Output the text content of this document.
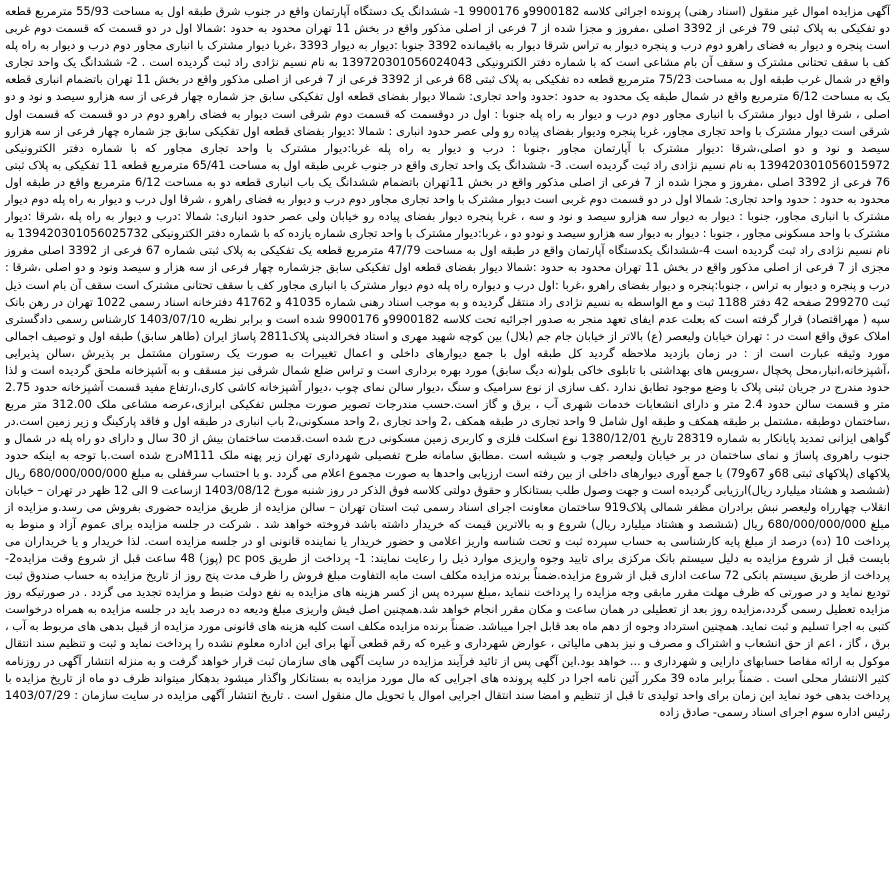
آگهی مزایده اموال غیر منقول (اسناد رهنی) پرونده اجرائی کلاسه 9900182و 9900176 1- ششدانگ یک دستگاه آپارتمان واقع در جنوب شرق طبقه اول به مساحت 55/93 مترمربع قطعه دو تفکیکی به پلاک ثبتی 79 فرعی از 3392 اصلی ،مفروز و مجزا شده از 7 فرعی از اصلی مذکور واقع در بخش 11 تهران محدود به حدود :شمالا اول در دو قسمت که قسمت دوم غربی است پنجره و دیوار به فضای راهرو دوم درب و پنجره دیوار به تراس شرقا دیوار به باقیمانده 3392 جنوبا :دیوار به دیوار 3393 ،غربا دیوار مشترک با انباری مجاور دوم درب و دیوار به راه پله کف با سقف تحتانی مشترک و سقف آن بام مشاعی است که با شماره دفتر الکترونیکی 139720301056024043 به نام نسیم نژادی راد ثبت گردیده است . 2- ششدانگ یک واحد تجاری واقع در شمال غرب طبقه اول به مساحت 75/23 مترمربع قطعه ده تفکیکی به پلاک ثبتی 68 فرعی از 3392 فرعی از 7 فرعی از اصلی مذکور واقع در بخش 11 تهران باتضمام انباری قطعه یک به مساحت 6/12 مترمربع واقع در شمال طبقه یک محدود به حدود :حدود واحد تجاری: شمالا دیوار بفضای قطعه اول تفکیکی سابق جز شماره چهار فرعی از سه هزارو سیصد و نود و دو اصلی ، شرقا اول دیوار مشترک با انباری مجاور دوم درب و دیوار به راه پله جنوبا : اول در دوقسمت که قسمت دوم شرقی است دیوار به فضای راهرو دوم در دو قسمت که قسمت اول شرقی است دیوار مشترک با واحد تجاری مجاور، غربا پنجره ودیوار بفضای پیاده رو ولی عصر حدود انباری : شمالا :دیوار بفضای قطعه اول تفکیکی سابق جز شماره چهار فرعی از سه هزارو سیصد و نود و دو اصلی،شرقا :دیوار مشترک با آپارتمان مجاور ،جنوبا : درب و دیوار به راه پله غربا:دیوار مشترک با واحد تجاری مجاور که با شماره دفتر الکترونیکی 139420301056015972 به نام نسیم نژادی راد ثبت گردیده است. 3- ششدانگ یک واحد تجاری واقع در جنوب غربی طبقه اول به مساحت 65/41 مترمربع قطعه 11 تفکیکی به پلاک ثبتی 76 فرعی از 3392 اصلی ،مفروز و مجزا شده از 7 فرعی از اصلی مذکور واقع در بخش 11تهران باتضمام ششدانگ یک باب انباری قطعه دو به مساحت 6/12 مترمربع واقع در طبقه اول محدود به حدود : حدود واحد تجاری: شمالا اول در دو قسمت دوم غربی است دیوار مشترک با واحد تجاری مجاور دوم درب و دیوار به فضای راهرو ، شرقا اول درب و دیوار به راه پله دوم دیوار مشترک با انباری مجاور، جنوبا : دیوار به دیوار سه هزارو سیصد و نود و سه ، غربا پنجره دیوار بفضای پیاده رو خیابان ولی عصر حدود انباری: شمالا :درب و دیوار به راه پله ،شرقا :دیوار مشترک با واحد مسکونی مجاور ، جنوبا : دیوار به دیوار سه هزارو سیصد و نودو دو ، غربا:دیوار مشترک با واحد تجاری شماره یازده که با شماره دفتر الکترونیکی 139420301056025732 به نام نسیم نژادی راد ثبت گردیده است 4-ششدانگ یکدستگاه آپارتمان واقع در طبقه اول به مساحت 47/79 مترمربع قطعه یک تفکیکی به پلاک ثبتی شماره 67 فرعی از 3392 اصلی مفروز مجزی از 7 فرعی از اصلی مذکور واقع در بخش 11 تهران محدود به حدود :شمالا دیوار بفضای قطعه اول تفکیکی سابق جزشماره چهار فرعی از سه هزار و سیصد ونود و دو اصلی ،شرقا : درب و پنجره و دیوار به تراس ، جنوبا:پنجره و دیوار بفضای راهرو ،غربا :اول درب و دیواره راه پله دوم دیوار مشترک با انباری مجاور کف با سقف تحتانی مشترک است سقف آن بام است ذیل ثبت 299270 صفحه 42 دفتر 1188 ثبت و مع الواسطه به نسیم نژادی راد منتقل گردیده و به موجب اسناد رهنی شماره 41035 و 41762 دفترخانه اسناد رسمی 1022 تهران در رهن بانک سپه ( مهراقتصاد) قرار گرفته است که بعلت عدم ایفای تعهد منجر به صدور اجرائیه تحت کلاسه 9900182و 9900176 شده است و برابر نظریه 1403/07/10 کارشناس رسمی دادگستری املاک عوق واقع است در : تهران خیابان ولیعصر (ع) بالاتر از خیابان جام جم (بلال) بین کوچه شهید مهری و استاد فخرالدینی پلاک2811 پاساژ ایران (طاهر سابق) طبقه اول و توصیف اجمالی مورد وثیقه عبارت است از : در زمان بازدید ملاحظه گردید کل طبقه اول با جمع دیوارهای داخلی و اعمال تغییرات به صورت یک رستوران مشتمل بر پذیرش ،سالن پذیرایی ،آشپزخانه،انبار،محل پخچال ،سرویس های بهداشتی با تابلوی خاکی بلو(نه دیگ سابق) مورد بهره برداری است و تراس ضلع شمال شرقی نیز مسقف و به آشپزخانه ملحق گردیده است و لذا حدود مندرج در جریان ثبتی پلاک با وضع موجود تطابق ندارد .کف سازی از نوع سرامیک و سنگ ،دیوار سالن نمای چوب ،دیوار آشپزخانه کاشی کاری،ارتفاع مفید قسمت آشپزخانه حدود 2.75 متر و قسمت سالن حدود 2.4 متر و دارای انشعابات خدمات شهری آب ، برق و گاز است.حسب مندرجات تصویر صورت مجلس تفکیکی ابرازی،عرصه مشاعی ملک 312.00 متر مربع ،ساختمان دوطبقه ،مشتمل بر طبقه همکف و طبقه اول شامل 9 واحد تجاری در طبقه همکف ،2 واحد تجاری ،2 واحد مسکونی،2 باب انباری در طبقه اول و فاقد پارکینگ و زیر زمین است.در گواهی ایزانی تمدید پایانکار به شماره 28319 تاریخ 1380/12/01 نوع اسکلت فلزی و کاربری زمین مسکونی درج شده است.قدمت ساختمان بیش از 30 سال و دارای دو راه پله در شمال و جنوب راهروی پاساژ و نمای ساختمان در بر خیابان ولیعصر چوب و شیشه است .مطابق سامانه طرح تفصیلی شهرداری تهران زیر پهنه ملک M111درج شده است.با توجه به اینکه حدود پلاکهای (پلاکهای ثبتی 68و 67و79) با جمع آوری دیوارهای داخلی از بین رفته است ارزیابی واحدها به صورت مجموع اعلام می گردد .و با احتساب سرقفلی به مبلغ 680/000/000/000 ریال (ششصد و هشتاد میلیارد ریال)ارزیابی گردیده است و جهت وصول طلب بستانکار و حقوق دولتی کلاسه فوق الذکر در روز شنبه مورخ 1403/08/12 ازساعت 9 الی 12 ظهر در تهران – خیابان انقلاب چهارراه ولیعصر نبش برادران مظفر شمالی پلاک919 ساختمان معاونت اجرای اسناد رسمی ثبت استان تهران – سالن مزایده از طریق مزایده حضوری بفروش می رسد.و مزایده از مبلغ 680/000/000/000 ریال (ششصد و هشتاد میلیارد ریال) شروع و به بالاترین قیمت که خریدار داشته باشد فروخته خواهد شد . شرکت در جلسه مزایده برای عموم آزاد و منوط به پرداخت 10 (ده) درصد از مبلغ پایه کارشناسی به حساب سپرده ثبت و تحت شناسه واریز اعلامی و حضور خریدار یا نماینده قانونی او در جلسه مزایده است. لذا خریدار و یا خریداران می بایست قبل از شروع مزایده به دلیل سیستم بانک مرکزی برای تایید وجوه واریزی موارد ذیل را رعایت نمایند: 1- پرداخت از طریق pc pos (پوز) 48 ساعت قبل از شروع وقت مزایده2- پرداخت از طریق سیستم بانکی 72 ساعت اداری قبل از شروع مزایده.ضمناً برنده مزایده مکلف است مابه التفاوت مبلغ فروش را ظرف مدت پنج روز از تاریخ مزایده به حساب صندوق ثبت تودیع نماید و در صورتی که ظرف مهلت مقرر مابقی وجه مزایده را پرداخت ننماید ،مبلغ سپرده پس از کسر هزینه های مزایده به نفع دولت ضبط و مزایده تجدید می گردد . در صورتیکه روز مزایده تعطیل رسمی گردد،مزایده روز بعد از تعطیلی در همان ساعت و مکان مقرر انجام خواهد شد.همچنین اصل فیش واریزی مبلغ ودیعه ده درصد باید در جلسه مزایده به همراه درخواست کتبی به اجرا تسلیم و ثبت نماید. همچنین استرداد وجوه از دهم ماه بعد قابل اجرا میباشد. ضمناً برنده مزایده مکلف است کلیه هزینه های قانونی مورد مزایده از قبیل بدهی های مربوط به آب ، برق ، گاز ، اعم از حق انشعاب و اشتراک و مصرف و نیز بدهی مالیاتی ، عوارض شهرداری و غیره که رقم قطعی آنها برای این اداره معلوم نشده را پرداخت نماید و ثبت و تنظیم سند انتقال موکول به ارائه مفاصا حسابهای دارایی و شهرداری و ... خواهد بود.این آگهی پس از تائید فرآیند مزایده در سایت آگهی های سازمان ثبت قرار خواهد گرفت و به منزله انتشار آگهی در روزنامه کثیر الانتشار محلی است . ضمناً برابر ماده 39 مکرر آئین نامه اجرا در کلیه پرونده های اجرایی که مال مورد مزایده به بستانکار واگذار میشود بدهکار میتواند ظرف دو ماه از تاریخ مزایده با پرداخت بدهی خود نماید این زمان برای واحد تولیدی تا قبل از تنظیم و امضا سند انتقال اجرایی اموال یا تحویل مال منقول است . تاریخ انتشار آگهی مزایده در سایت سازمان : 1403/07/29 رئیس اداره سوم اجرای اسناد رسمی- صادق زاده
